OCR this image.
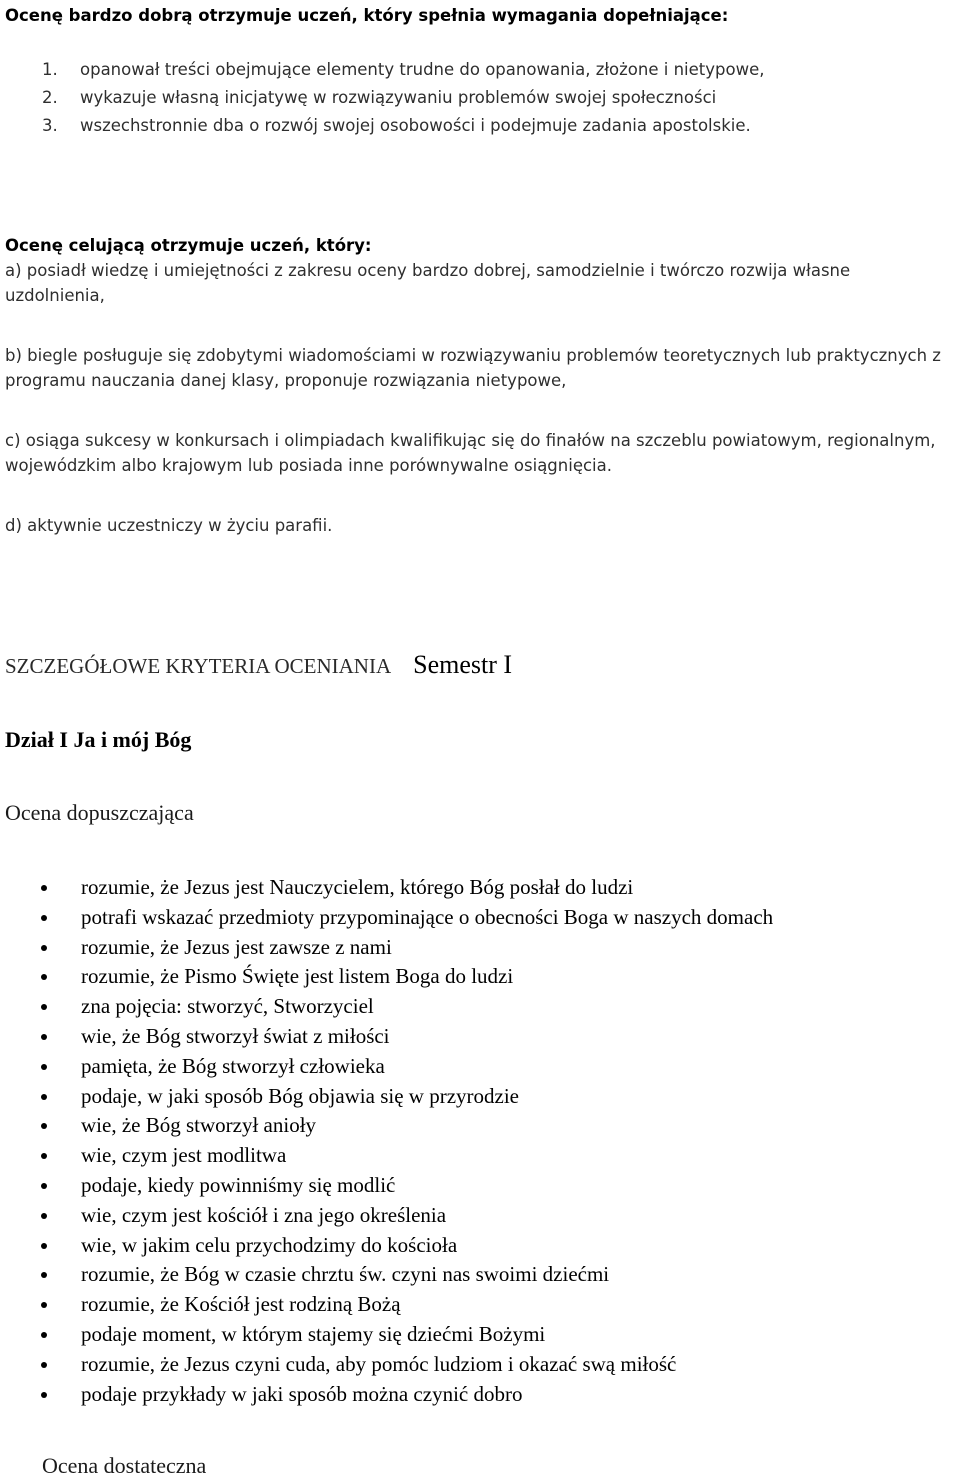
Ocenę bardzo dobrą otrzymuje uczeń, który spełnia wymagania dopełniające:

1. opanował treści obejmujące elementy trudne do opanowania, złożone i nietypowe,
2. wykazuje własną inicjatywę w rozwiązywaniu problemów swojej społeczności
3. wszechstronnie dba o rozwój swojej osobowości i podejmuje zadania apostolskie.

Ocenę celującą otrzymuje uczeń, który:

a) posiadł wiedzę i umiejętności z zakresu oceny bardzo dobrej, samodzielnie i twórczo rozwija własne uzdolnienia,

b) biegle posługuje się zdobytymi wiadomościami w rozwiązywaniu problemów teoretycznych lub praktycznych z programu nauczania danej klasy, proponuje rozwiązania nietypowe,

c) osiąga sukcesy w konkursach i olimpiadach kwalifikując się do finałów na szczeblu powiatowym, regionalnym, wojewódzkim albo krajowym lub posiada inne porównywalne osiągnięcia.

d) aktywnie uczestniczy w życiu parafii.

SZCZEGÓŁOWE KRYTERIA OCENIANIA Semestr I

Dział I Ja i mój Bóg

Ocena dopuszczająca

rozumie, że Jezus jest Nauczycielem, którego Bóg posłał do ludzi
potrafi wskazać przedmioty przypominające o obecności Boga w naszych domach
rozumie, że Jezus jest zawsze z nami
rozumie, że Pismo Święte jest listem Boga do ludzi
zna pojęcia: stworzyć, Stworzyciel
wie, że Bóg stworzył świat z miłości
pamięta, że Bóg stworzył człowieka
podaje, w jaki sposób Bóg objawia się w przyrodzie
wie, że Bóg stworzył anioły
wie, czym jest modlitwa
podaje, kiedy powinniśmy się modlić
wie, czym jest kościół i zna jego określenia
wie, w jakim celu przychodzimy do kościoła
rozumie, że Bóg w czasie chrztu św. czyni nas swoimi dziećmi
rozumie, że Kościół jest rodziną Bożą
podaje moment, w którym stajemy się dziećmi Bożymi
rozumie, że Jezus czyni cuda, aby pomóc ludziom i okazać swą miłość
podaje przykłady w jaki sposób można czynić dobro

Ocena dostateczna
